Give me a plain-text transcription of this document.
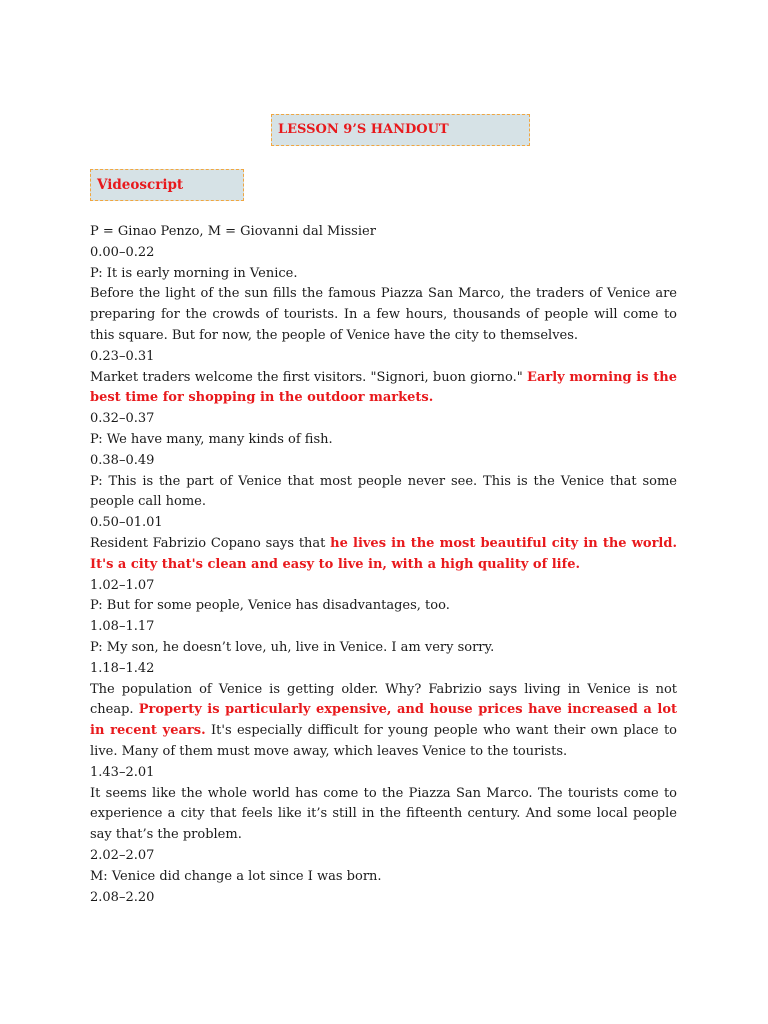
LESSON 9’S HANDOUT
Videoscript

P = Ginao Penzo, M = Giovanni dal Missier

0.00–0.22

P: It is early morning in Venice.

Before the light of the sun fills the famous Piazza San Marco, the traders of Venice are preparing for the crowds of tourists. In a few hours, thousands of people will come to this square. But for now, the people of Venice have the city to themselves.

0.23–0.31

Market traders welcome the first visitors. "Signori, buon giorno." Early morning is the best time for shopping in the outdoor markets.

0.32–0.37

P: We have many, many kinds of fish.

0.38–0.49

P: This is the part of Venice that most people never see. This is the Venice that some people call home.

0.50–01.01

Resident Fabrizio Copano says that he lives in the most beautiful city in the world. It's a city that's clean and easy to live in, with a high quality of life.

1.02–1.07

P: But for some people, Venice has disadvantages, too.

1.08–1.17

P: My son, he doesn’t love, uh, live in Venice. I am very sorry.

1.18–1.42

The population of Venice is getting older. Why? Fabrizio says living in Venice is not cheap. Property is particularly expensive, and house prices have increased a lot in recent years. It's especially difficult for young people who want their own place to live. Many of them must move away, which leaves Venice to the tourists.

1.43–2.01

It seems like the whole world has come to the Piazza San Marco. The tourists come to experience a city that feels like it’s still in the fifteenth century. And some local people say that’s the problem.

2.02–2.07

M: Venice did change a lot since I was born.

2.08–2.20
